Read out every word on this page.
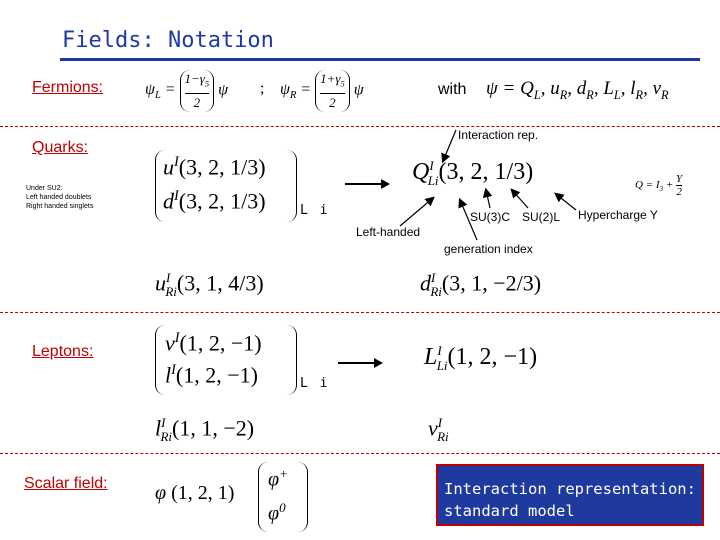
Fields: Notation
Fermions:	$\psi_L = \frac{1-\gamma_5}{2}$ ψ ; $\psi_R = \frac{1+\gamma_5}{2}$ ψ	with $\psi = Q_L$, $u_R$, $d_R$, $L_L$, $l_R$, $\nu_R$
Quarks:
Under SU2:
Left handed doublets
Right handed singlets
$u^I(3$, 2, 1/3)
$d^I(3$, 2, 1/3)	L i
Interaction rep.
$Q^I_{Li}(3$, 2, 1/3)
$Q = I_3 + \frac{Y}{2}$
SU(3)C SU(2)L Hypercharge Y
Left-handed
generation index
$u^I_{Ri}(3$, 1, 4/3)	$d^I_{Ri}(3$, 1, −2/3)
Leptons:	$\nu^I(1$, 2, −1)
$l^I(1$, 2, −1)	L i
$L^I_{Li}(1$, 2, −1)
$l^I_{Ri}(1$, 1, −2)	$\nu^I_{Ri}$
Scalar field: φ (1, 2, 1)
φ+
$\varphi^0$
Interaction representation:
standard model
